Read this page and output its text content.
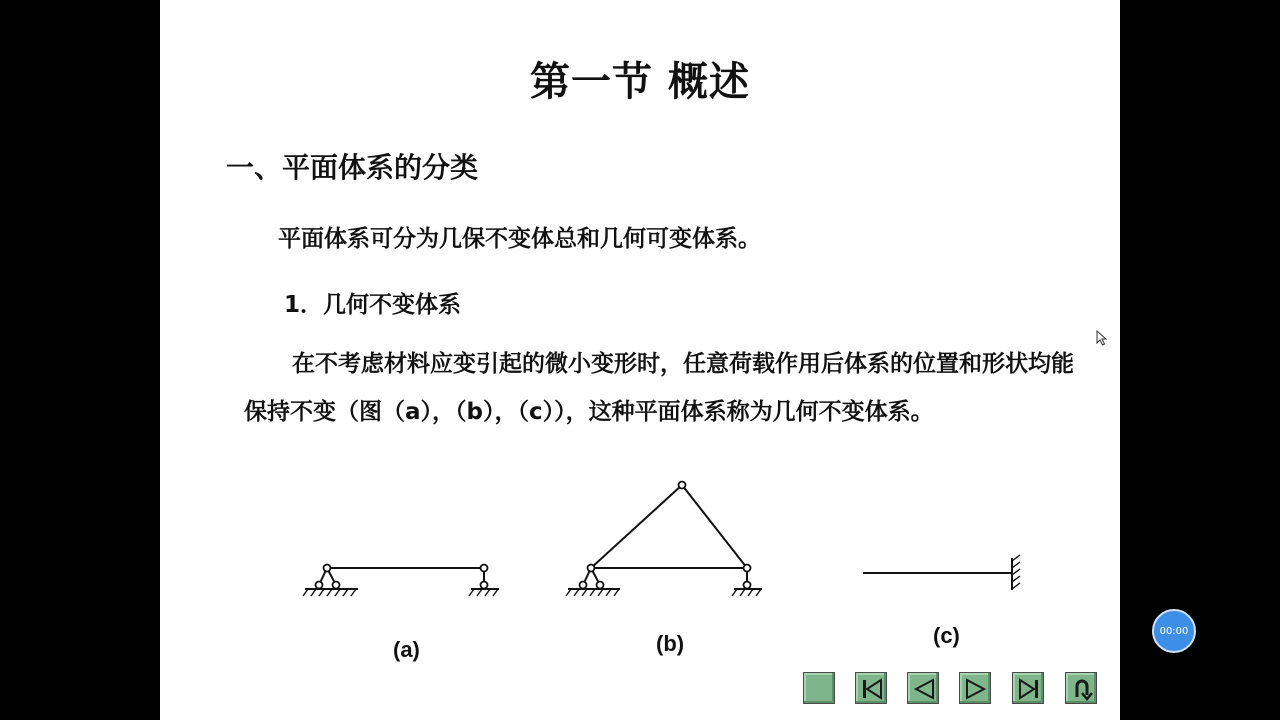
第一节 概述
一、平面体系的分类
平面体系可分为几保不变体总和几何可变体系。
1．几何不变体系
在不考虑材料应变引起的微小变形时，任意荷载作用后体系的位置和形状均能保持不变（图（a），（b），（c）），这种平面体系称为几何不变体系。
(a)	(b)	(c)	00:00
